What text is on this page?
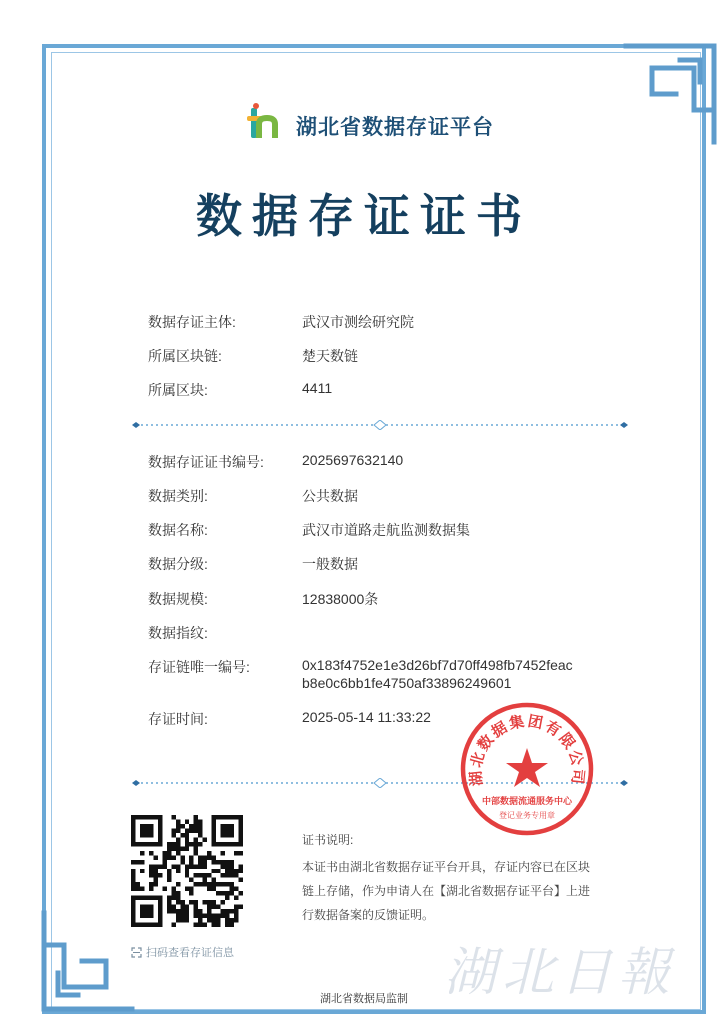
湖北省数据存证平台
数据存证证书
数据存证主体:	武汉市测绘研究院
所属区块链:	楚天数链
所属区块:	4411
数据存证证书编号:	2025697632140
数据类别:	公共数据
数据名称:	武汉市道路走航监测数据集
数据分级:	一般数据
数据规模:	12838000条
数据指纹:
存证链唯一编号:	0x183f4752e1e3d26bf7d70ff498fb7452feac
b8e0c6bb1fe4750af33896249601
存证时间:	2025-05-14 11:33:22
扫码查看存证信息
证书说明:
本证书由湖北省数据存证平台开具，存证内容已在区块
链上存储，作为申请人在【湖北省数据存证平台】上进
行数据备案的反馈证明。
湖北数据集团有限公司
中部数据流通服务中心
登记业务专用章
湖北日報
湖北省数据局监制
